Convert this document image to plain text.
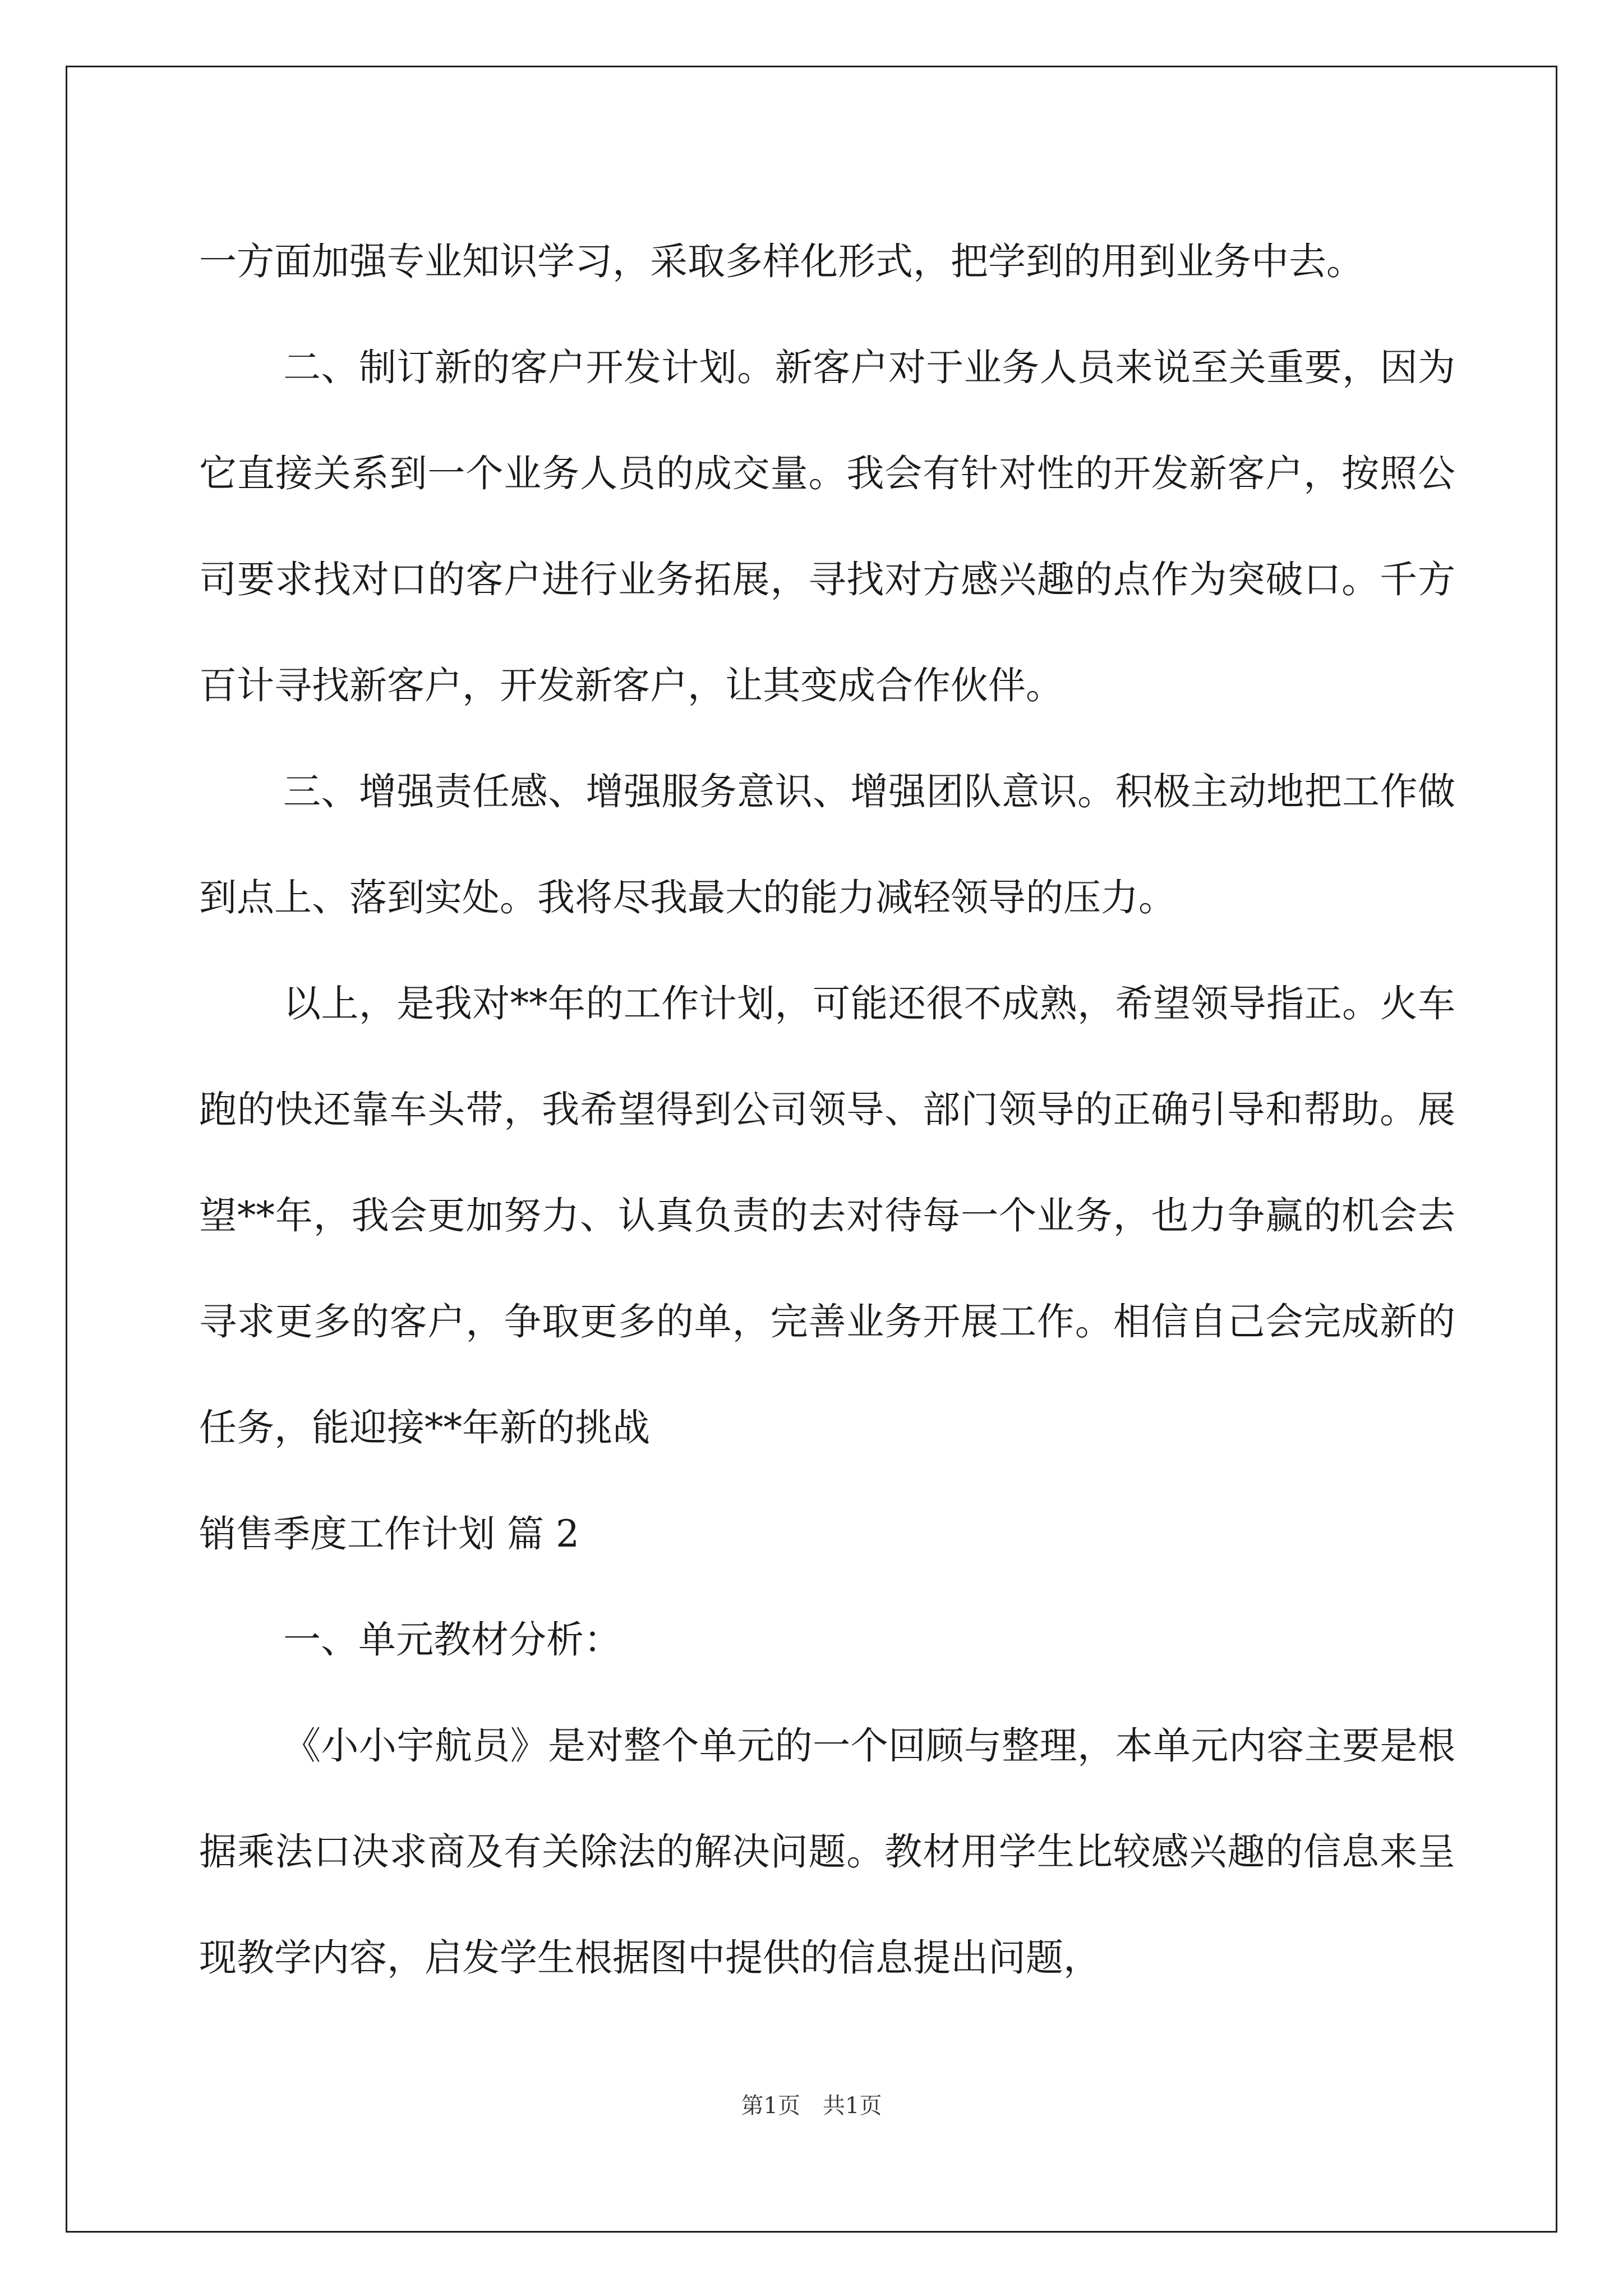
一方面加强专业知识学习，采取多样化形式，把学到的用到业务中去。

二、制订新的客户开发计划。新客户对于业务人员来说至关重要，因为它直接关系到一个业务人员的成交量。我会有针对性的开发新客户，按照公司要求找对口的客户进行业务拓展，寻找对方感兴趣的点作为突破口。千方百计寻找新客户，开发新客户，让其变成合作伙伴。

三、增强责任感、增强服务意识、增强团队意识。积极主动地把工作做到点上、落到实处。我将尽我最大的能力减轻领导的压力。

以上，是我对**年的工作计划，可能还很不成熟，希望领导指正。火车跑的快还靠车头带，我希望得到公司领导、部门领导的正确引导和帮助。展望**年，我会更加努力、认真负责的去对待每一个业务，也力争赢的机会去寻求更多的客户，争取更多的单，完善业务开展工作。相信自己会完成新的任务，能迎接**年新的挑战

销售季度工作计划 篇 2

一、单元教材分析：

《小小宇航员》是对整个单元的一个回顾与整理，本单元内容主要是根据乘法口决求商及有关除法的解决问题。教材用学生比较感兴趣的信息来呈现教学内容，启发学生根据图中提供的信息提出问题，

第1页　共1页
